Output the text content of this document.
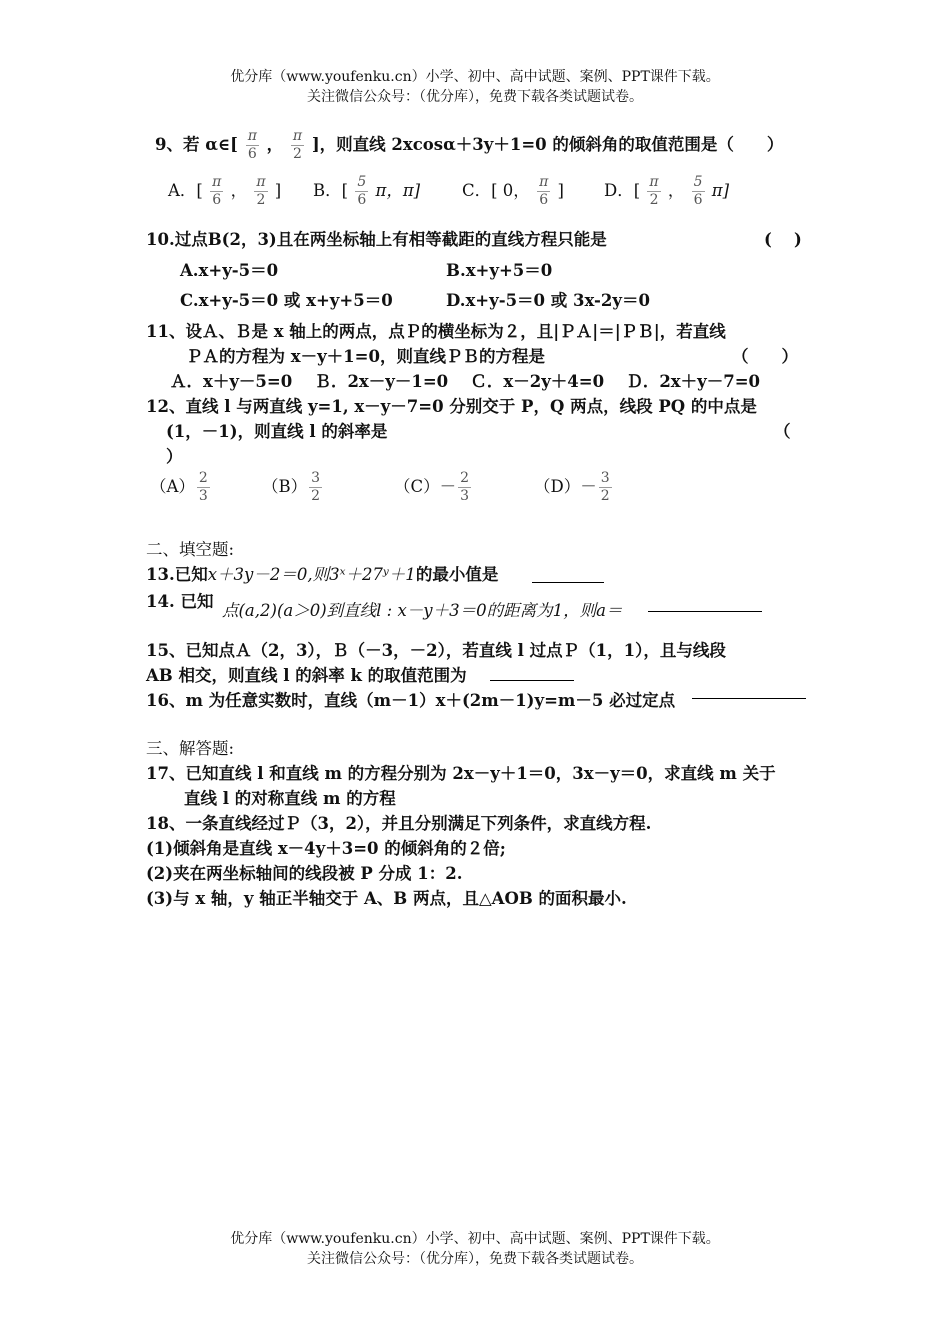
优分库（www.youfenku.cn）小学、初中、高中试题、案例、PPT课件下载。
关注微信公众号：（优分库），免费下载各类试题试卷。
9、若 α∈[ $\frac{\pi}{6}$ ， $\frac{\pi}{2}$ ]，则直线 2xcosα＋3y＋1=0 的倾斜角的取值范围是（　　）
A．[ $\frac{\pi}{6}$ ， $\frac{\pi}{2}$ ] B．[ $\frac{5}{6}$ π，π]	C．[ 0， $\frac{\pi}{6}$ ] D．[ $\frac{\pi}{2}$ ， $\frac{5}{6} \pi$]
10.过点B(2，3)且在两坐标轴上有相等截距的直线方程只能是	(　 )
A.x+y-5＝0	B.x+y+5＝0
C.x+y-5＝0 或 x+y+5＝0	D.x+y-5＝0 或 3x-2y＝0
11、设Ａ、Ｂ是 x 轴上的两点，点Ｐ的横坐标为２，且|ＰＡ|＝|ＰＢ|，若直线
ＰＡ的方程为 x－y＋1=0，则直线ＰＢ的方程是	（　　）
Ａ．x＋y－5=0　 Ｂ．2x－y－1=0　 Ｃ．x－2y＋4=0　 Ｄ．2x＋y－7=0
12、直线 l 与两直线 y=1, x－y－7=0 分别交于 P，Q 两点，线段 PQ 的中点是
(1，－1)，则直线 l 的斜率是	（
）
$(A) \frac{2}{3}$	$(B) \frac{3}{2}$	$(C)- \frac{2}{3}$	$(D)- \frac{3}{2}$
二、填空题:
13.已知x＋3y－2＝0,则3ˣ＋27ʸ＋1的最小值是
14. 已知 点(a,2)(a＞0)到直线l : x－y＋3＝0的距离为1，则a＝
15、已知点Ａ（2，3），Ｂ（－3，－2），若直线 l 过点Ｐ（1，1），且与线段
AB 相交，则直线 l 的斜率 k 的取值范围为
16、m 为任意实数时，直线（m－1）x＋(2m－1)y=m－5 必过定点
三、解答题:
17、已知直线 l 和直线 m 的方程分别为 2x－y＋1＝0，3x－y＝0，求直线 m 关于
直线 l 的对称直线 m 的方程
18、一条直线经过Ｐ（3，2），并且分别满足下列条件，求直线方程.
(1)倾斜角是直线 x－4y＋3=0 的倾斜角的２倍;
(2)夹在两坐标轴间的线段被 P 分成 1：2.
(3)与 x 轴，y 轴正半轴交于 A、B 两点，且△AOB 的面积最小.
优分库（www.youfenku.cn）小学、初中、高中试题、案例、PPT课件下载。
关注微信公众号：（优分库），免费下载各类试题试卷。
